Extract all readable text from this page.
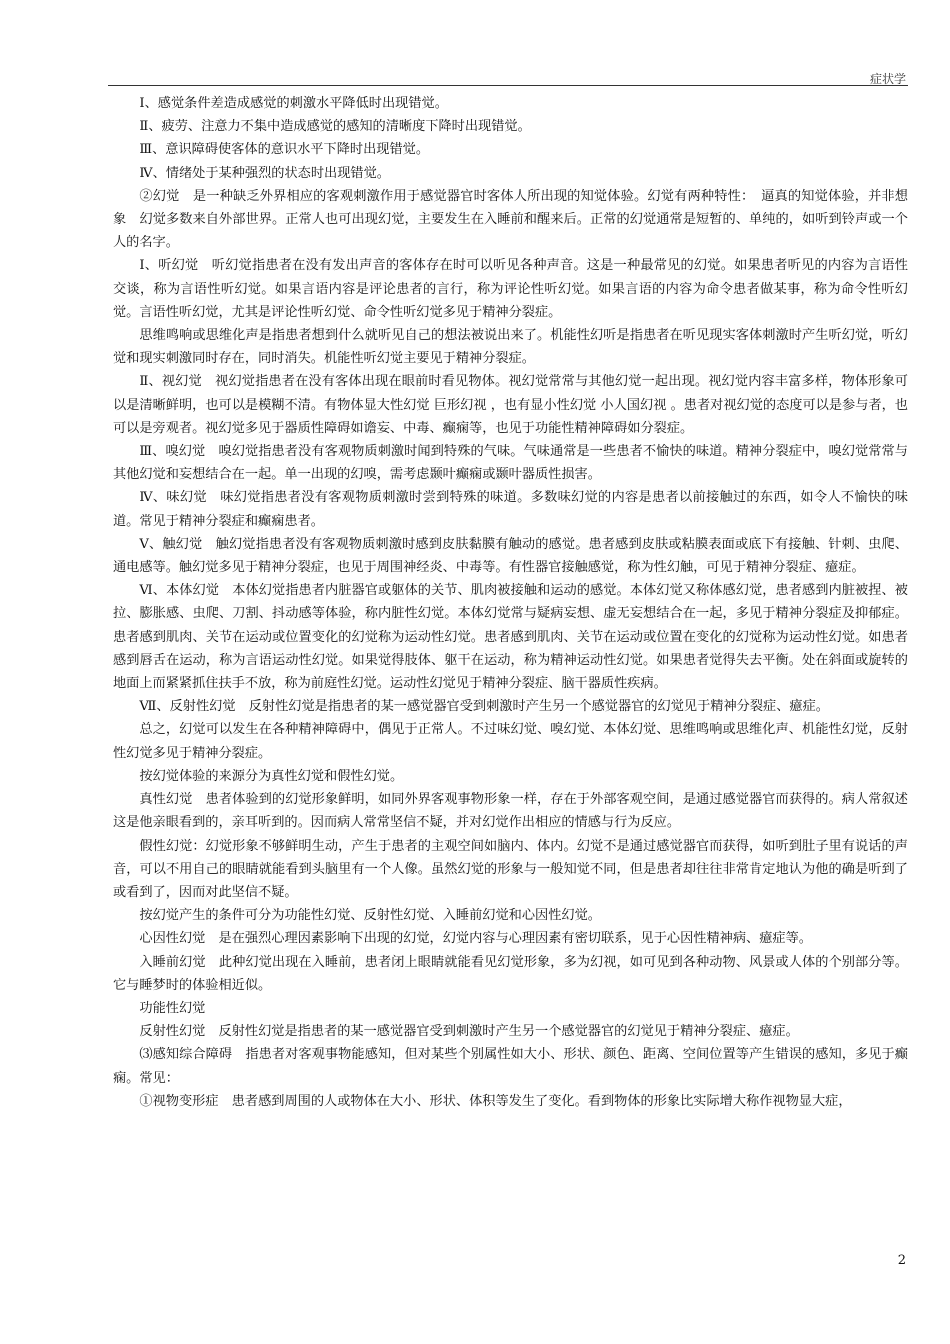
症状学

Ⅰ、感觉条件差造成感觉的刺激水平降低时出现错觉。

Ⅱ、疲劳、注意力不集中造成感觉的感知的清晰度下降时出现错觉。

Ⅲ、意识障碍使客体的意识水平下降时出现错觉。

Ⅳ、情绪处于某种强烈的状态时出现错觉。

②幻觉　是一种缺乏外界相应的客观刺激作用于感觉器官时客体人所出现的知觉体验。幻觉有两种特性：　逼真的知觉体验，并非想象　幻觉多数来自外部世界。正常人也可出现幻觉，主要发生在入睡前和醒来后。正常的幻觉通常是短暂的、单纯的，如听到铃声或一个人的名字。

Ⅰ、听幻觉　听幻觉指患者在没有发出声音的客体存在时可以听见各种声音。这是一种最常见的幻觉。如果患者听见的内容为言语性交谈，称为言语性听幻觉。如果言语内容是评论患者的言行，称为评论性听幻觉。如果言语的内容为命令患者做某事，称为命令性听幻觉。言语性听幻觉，尤其是评论性听幻觉、命令性听幻觉多见于精神分裂症。

思维鸣响或思维化声是指患者想到什么就听见自己的想法被说出来了。机能性幻听是指患者在听见现实客体刺激时产生听幻觉，听幻觉和现实刺激同时存在，同时消失。机能性听幻觉主要见于精神分裂症。

Ⅱ、视幻觉　视幻觉指患者在没有客体出现在眼前时看见物体。视幻觉常常与其他幻觉一起出现。视幻觉内容丰富多样，物体形象可以是清晰鲜明，也可以是模糊不清。有物体显大性幻觉 巨形幻视 ，也有显小性幻觉 小人国幻视 。患者对视幻觉的态度可以是参与者，也可以是旁观者。视幻觉多见于器质性障碍如谵妄、中毒、癫痫等，也见于功能性精神障碍如分裂症。

Ⅲ、嗅幻觉　嗅幻觉指患者没有客观物质刺激时闻到特殊的气味。气味通常是一些患者不愉快的味道。精神分裂症中，嗅幻觉常常与其他幻觉和妄想结合在一起。单一出现的幻嗅，需考虑颞叶癫痫或颞叶器质性损害。

Ⅳ、味幻觉　味幻觉指患者没有客观物质刺激时尝到特殊的味道。多数味幻觉的内容是患者以前接触过的东西，如令人不愉快的味道。常见于精神分裂症和癫痫患者。

Ⅴ、触幻觉　触幻觉指患者没有客观物质刺激时感到皮肤黏膜有触动的感觉。患者感到皮肤或粘膜表面或底下有接触、针刺、虫爬、通电感等。触幻觉多见于精神分裂症，也见于周围神经炎、中毒等。有性器官接触感觉，称为性幻触，可见于精神分裂症、癔症。

Ⅵ、本体幻觉　本体幻觉指患者内脏器官或躯体的关节、肌肉被接触和运动的感觉。本体幻觉又称体感幻觉，患者感到内脏被捏、被拉、膨胀感、虫爬、刀割、抖动感等体验，称内脏性幻觉。本体幻觉常与疑病妄想、虚无妄想结合在一起，多见于精神分裂症及抑郁症。患者感到肌肉、关节在运动或位置变化的幻觉称为运动性幻觉。患者感到肌肉、关节在运动或位置在变化的幻觉称为运动性幻觉。如患者感到唇舌在运动，称为言语运动性幻觉。如果觉得肢体、躯干在运动，称为精神运动性幻觉。如果患者觉得失去平衡。处在斜面或旋转的地面上而紧紧抓住扶手不放，称为前庭性幻觉。运动性幻觉见于精神分裂症、脑干器质性疾病。

Ⅶ、反射性幻觉　反射性幻觉是指患者的某一感觉器官受到刺激时产生另一个感觉器官的幻觉见于精神分裂症、癔症。

总之，幻觉可以发生在各种精神障碍中，偶见于正常人。不过味幻觉、嗅幻觉、本体幻觉、思维鸣响或思维化声、机能性幻觉，反射性幻觉多见于精神分裂症。

按幻觉体验的来源分为真性幻觉和假性幻觉。

真性幻觉　患者体验到的幻觉形象鲜明，如同外界客观事物形象一样，存在于外部客观空间，是通过感觉器官而获得的。病人常叙述这是他亲眼看到的，亲耳听到的。因而病人常常坚信不疑，并对幻觉作出相应的情感与行为反应。

假性幻觉：幻觉形象不够鲜明生动，产生于患者的主观空间如脑内、体内。幻觉不是通过感觉器官而获得，如听到肚子里有说话的声音，可以不用自己的眼睛就能看到头脑里有一个人像。虽然幻觉的形象与一般知觉不同，但是患者却往往非常肯定地认为他的确是听到了或看到了，因而对此坚信不疑。

按幻觉产生的条件可分为功能性幻觉、反射性幻觉、入睡前幻觉和心因性幻觉。

心因性幻觉　是在强烈心理因素影响下出现的幻觉，幻觉内容与心理因素有密切联系，见于心因性精神病、癔症等。

入睡前幻觉　此种幻觉出现在入睡前，患者闭上眼睛就能看见幻觉形象，多为幻视，如可见到各种动物、风景或人体的个别部分等。它与睡梦时的体验相近似。

功能性幻觉

反射性幻觉　反射性幻觉是指患者的某一感觉器官受到刺激时产生另一个感觉器官的幻觉见于精神分裂症、癔症。

⑶感知综合障碍　指患者对客观事物能感知，但对某些个别属性如大小、形状、颜色、距离、空间位置等产生错误的感知，多见于癫痫。常见：

①视物变形症　患者感到周围的人或物体在大小、形状、体积等发生了变化。看到物体的形象比实际增大称作视物显大症，

2
